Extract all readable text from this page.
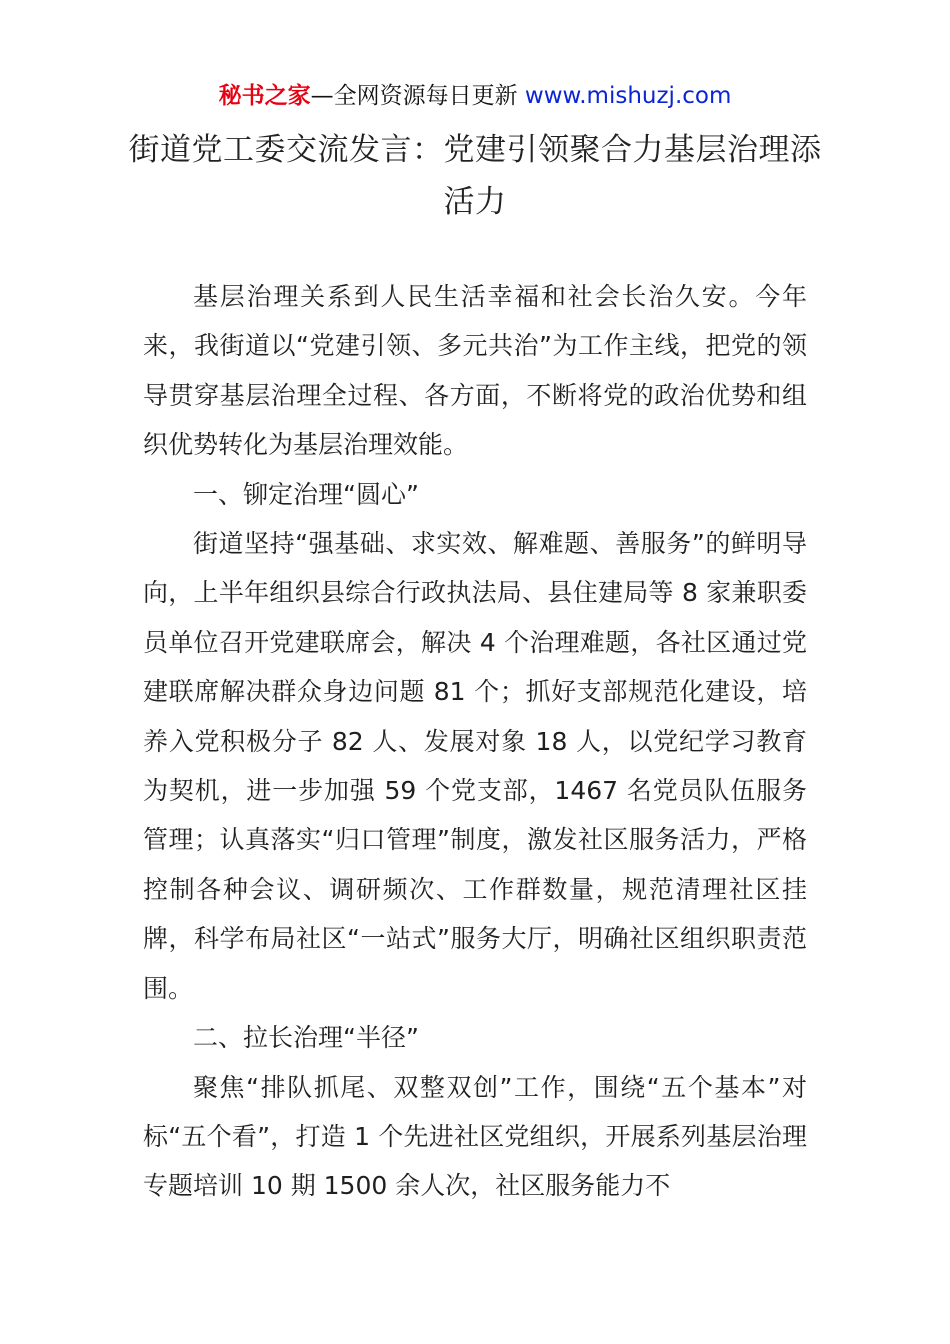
秘书之家—全网资源每日更新 www.mishuzj.com
街道党工委交流发言：党建引领聚合力基层治理添活力

基层治理关系到人民生活幸福和社会长治久安。今年来，我街道以“党建引领、多元共治”为工作主线，把党的领导贯穿基层治理全过程、各方面，不断将党的政治优势和组织优势转化为基层治理效能。

一、铆定治理“圆心”

街道坚持“强基础、求实效、解难题、善服务”的鲜明导向，上半年组织县综合行政执法局、县住建局等 8 家兼职委员单位召开党建联席会，解决 4 个治理难题，各社区通过党建联席解决群众身边问题 81 个；抓好支部规范化建设，培养入党积极分子 82 人、发展对象 18 人，以党纪学习教育为契机，进一步加强 59 个党支部，1467 名党员队伍服务管理；认真落实“归口管理”制度，激发社区服务活力，严格控制各种会议、调研频次、工作群数量，规范清理社区挂牌，科学布局社区“一站式”服务大厅，明确社区组织职责范围。

二、拉长治理“半径”

聚焦“排队抓尾、双整双创”工作，围绕“五个基本”对标“五个看”，打造 1 个先进社区党组织，开展系列基层治理专题培训 10 期 1500 余人次，社区服务能力不
